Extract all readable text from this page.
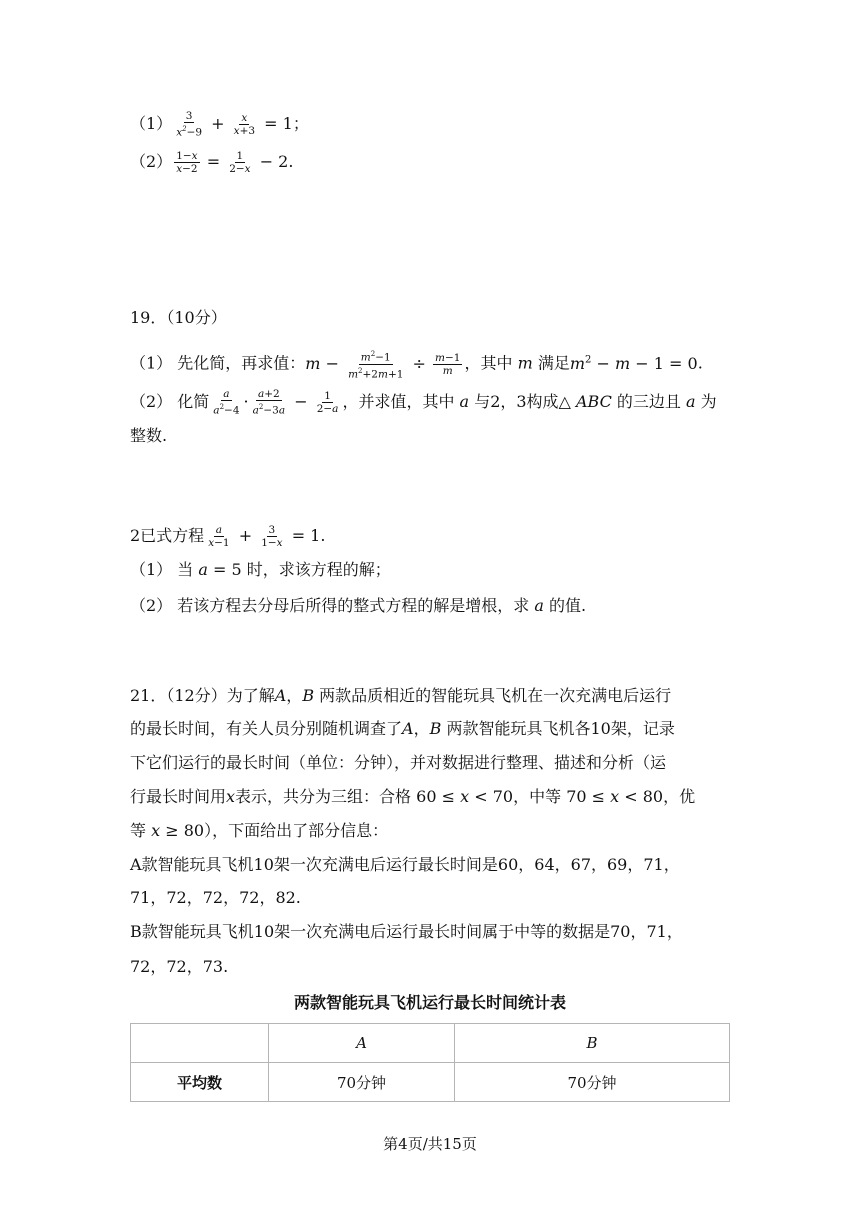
$(1) \frac{3}{x^2-9} + \frac{x}{x+3} = 1$；
$(2) \frac{1-x}{x-2} = \frac{1}{2-x} - 2$.
19．（10分）
（1） 先化简，再求值：$m - \frac{m^2-1}{m^2+2m+1} \div \frac{m-1}{m}$ ，其中 m 满足$m^2 - m - 1 = 0$.
（2） 化简 $\frac{a}{a^2-4} \cdot \frac{a+2}{a^2-3a} - \frac{1}{2-a}$ ，并求值，其中 a 与2，3构成△ ABC 的三边且 a 为
整数.
2已式方程 $\frac{a}{x-1} + \frac{3}{1-x} = 1$.
（1） 当 a = 5 时，求该方程的解；
（2） 若该方程去分母后所得的整式方程的解是增根，求 a 的值.
21．（12分）为了解A，B 两款品质相近的智能玩具飞机在一次充满电后运行
的最长时间，有关人员分别随机调查了A，B 两款智能玩具飞机各10架，记录
下它们运行的最长时间（单位：分钟），并对数据进行整理、描述和分析（运
行最长时间用x表示，共分为三组：合格 60 ≤ x < 70，中等 70 ≤ x < 80，优
等 x ≥ 80），下面给出了部分信息：
A款智能玩具飞机10架一次充满电后运行最长时间是60，64，67，69，71，
71，72，72，72，82.
B款智能玩具飞机10架一次充满电后运行最长时间属于中等的数据是70，71，
两款智能玩具飞机运行最长时间统计表
	A	B
平均数	70分钟	70分钟
第4页/共15页
72，72，73.
